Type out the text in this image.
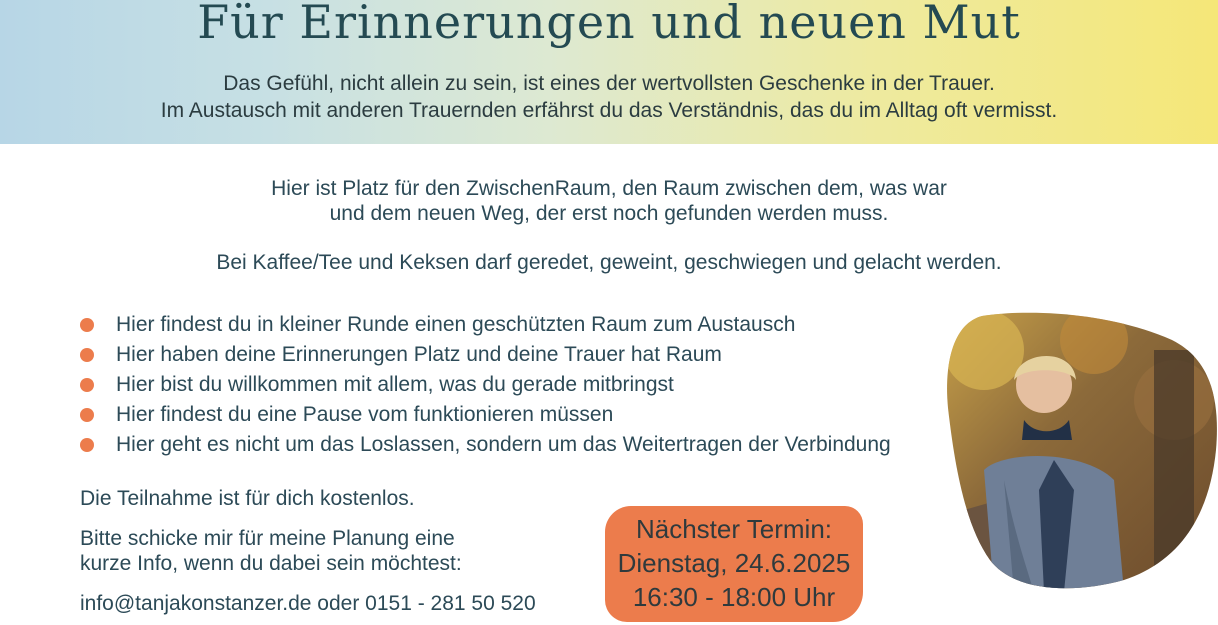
Für Erinnerungen und neuen Mut
Das Gefühl, nicht allein zu sein, ist eines der wertvollsten Geschenke in der Trauer.
Im Austausch mit anderen Trauernden erfährst du das Verständnis, das du im Alltag oft vermisst.
Hier ist Platz für den ZwischenRaum, den Raum zwischen dem, was war
und dem neuen Weg, der erst noch gefunden werden muss.
Bei Kaffee/Tee und Keksen darf geredet, geweint, geschwiegen und gelacht werden.
Hier findest du in kleiner Runde einen geschützten Raum zum Austausch
Hier haben deine Erinnerungen Platz und deine Trauer hat Raum
Hier bist du willkommen mit allem, was du gerade mitbringst
Hier findest du eine Pause vom funktionieren müssen
Hier geht es nicht um das Loslassen, sondern um das Weitertragen der Verbindung
Die Teilnahme ist für dich kostenlos.
Bitte schicke mir für meine Planung eine
kurze Info, wenn du dabei sein möchtest:
info@tanjakonstanzer.de oder 0151 - 281 50 520
Nächster Termin:
Dienstag, 24.6.2025
16:30 - 18:00 Uhr
